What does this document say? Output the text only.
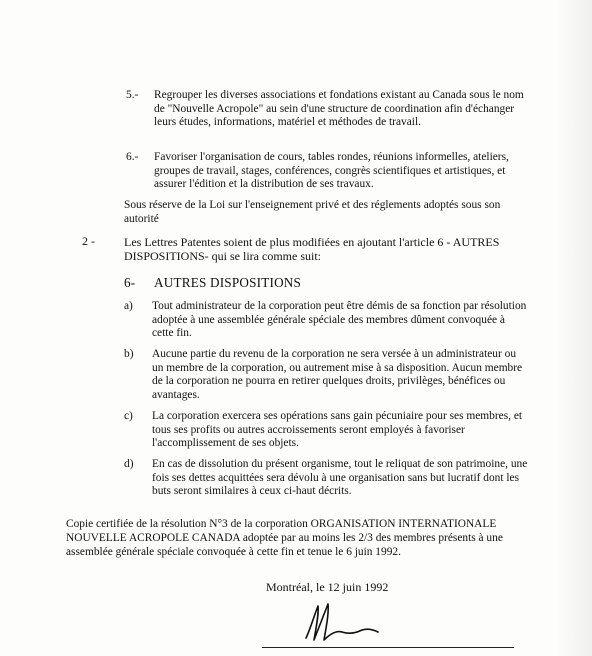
5.- Regrouper les diverses associations et fondations existant au Canada sous le nom de "Nouvelle Acropole" au sein d'une structure de coordination afin d'échanger leurs études, informations, matériel et méthodes de travail.
6.- Favoriser l'organisation de cours, tables rondes, réunions informelles, ateliers, groupes de travail, stages, conférences, congrès scientifiques et artistiques, et assurer l'édition et la distribution de ses travaux.
Sous réserve de la Loi sur l'enseignement privé et des réglements adoptés sous son autorité
2 - Les Lettres Patentes soient de plus modifiées en ajoutant l'article 6 - AUTRES DISPOSITIONS- qui se lira comme suit:
6- AUTRES DISPOSITIONS
a) Tout administrateur de la corporation peut être démis de sa fonction par résolution adoptée à une assemblée générale spéciale des membres dûment convoquée à cette fin.
b) Aucune partie du revenu de la corporation ne sera versée à un administrateur ou un membre de la corporation, ou autrement mise à sa disposition. Aucun membre de la corporation ne pourra en retirer quelques droits, privilèges, bénéfices ou avantages.
c) La corporation exercera ses opérations sans gain pécuniaire pour ses membres, et tous ses profits ou autres accroissements seront employés à favoriser l'accomplissement de ses objets.
d) En cas de dissolution du présent organisme, tout le reliquat de son patrimoine, une fois ses dettes acquittées sera dévolu à une organisation sans but lucratif dont les buts seront similaires à ceux ci-haut décrits.
Copie certifiée de la résolution N°3 de la corporation ORGANISATION INTERNATIONALE NOUVELLE ACROPOLE CANADA adoptée par au moins les 2/3 des membres présents à une assemblée générale spéciale convoquée à cette fin et tenue le 6 juin 1992.
Montréal, le 12 juin 1992
